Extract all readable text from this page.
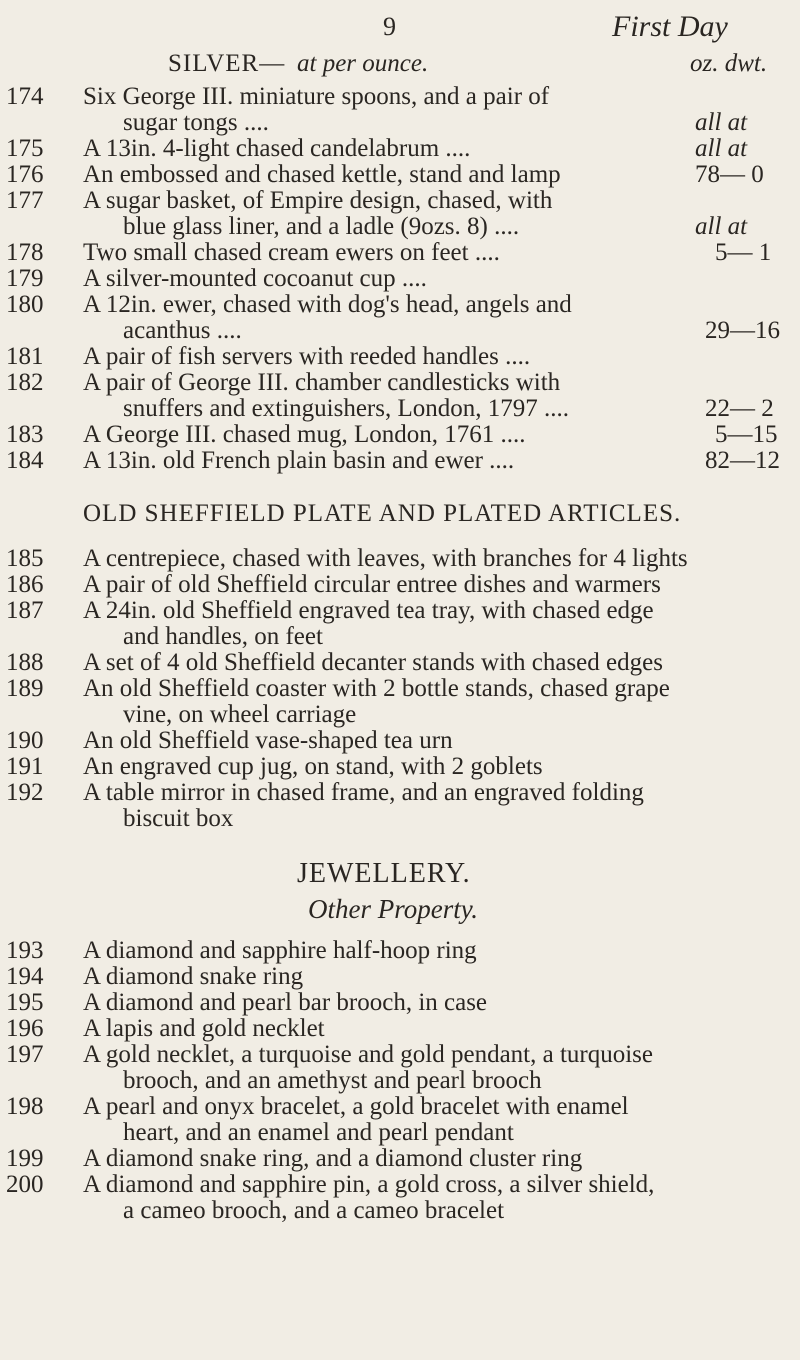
9	First Day
SILVER— at per ounce.	oz. dwt.
174 Six George III. miniature spoons, and a pair of
sugar tongs ....	all at
175 A 13in. 4-light chased candelabrum ....	all at
176 An embossed and chased kettle, stand and lamp	78— 0
177 A sugar basket, of Empire design, chased, with
blue glass liner, and a ladle (9ozs. 8) ....	all at
178 Two small chased cream ewers on feet ....	5— 1
179 A silver-mounted cocoanut cup ....
180 A 12in. ewer, chased with dog's head, angels and
acanthus ....	29—16
181 A pair of fish servers with reeded handles ....
182 A pair of George III. chamber candlesticks with
snuffers and extinguishers, London, 1797 ....	22— 2
183 A George III. chased mug, London, 1761 ....	5—15
184 A 13in. old French plain basin and ewer ....	82—12
OLD SHEFFIELD PLATE AND PLATED ARTICLES.
185 A centrepiece, chased with leaves, with branches for 4 lights
186 A pair of old Sheffield circular entree dishes and warmers
187 A 24in. old Sheffield engraved tea tray, with chased edge
and handles, on feet
188 A set of 4 old Sheffield decanter stands with chased edges
189 An old Sheffield coaster with 2 bottle stands, chased grape
vine, on wheel carriage
190 An old Sheffield vase-shaped tea urn
191 An engraved cup jug, on stand, with 2 goblets
192 A table mirror in chased frame, and an engraved folding
biscuit box
JEWELLERY.
Other Property.
193 A diamond and sapphire half-hoop ring
194 A diamond snake ring
195 A diamond and pearl bar brooch, in case
196 A lapis and gold necklet
197 A gold necklet, a turquoise and gold pendant, a turquoise
brooch, and an amethyst and pearl brooch
198 A pearl and onyx bracelet, a gold bracelet with enamel
heart, and an enamel and pearl pendant
199 A diamond snake ring, and a diamond cluster ring
200 A diamond and sapphire pin, a gold cross, a silver shield,
a cameo brooch, and a cameo bracelet
